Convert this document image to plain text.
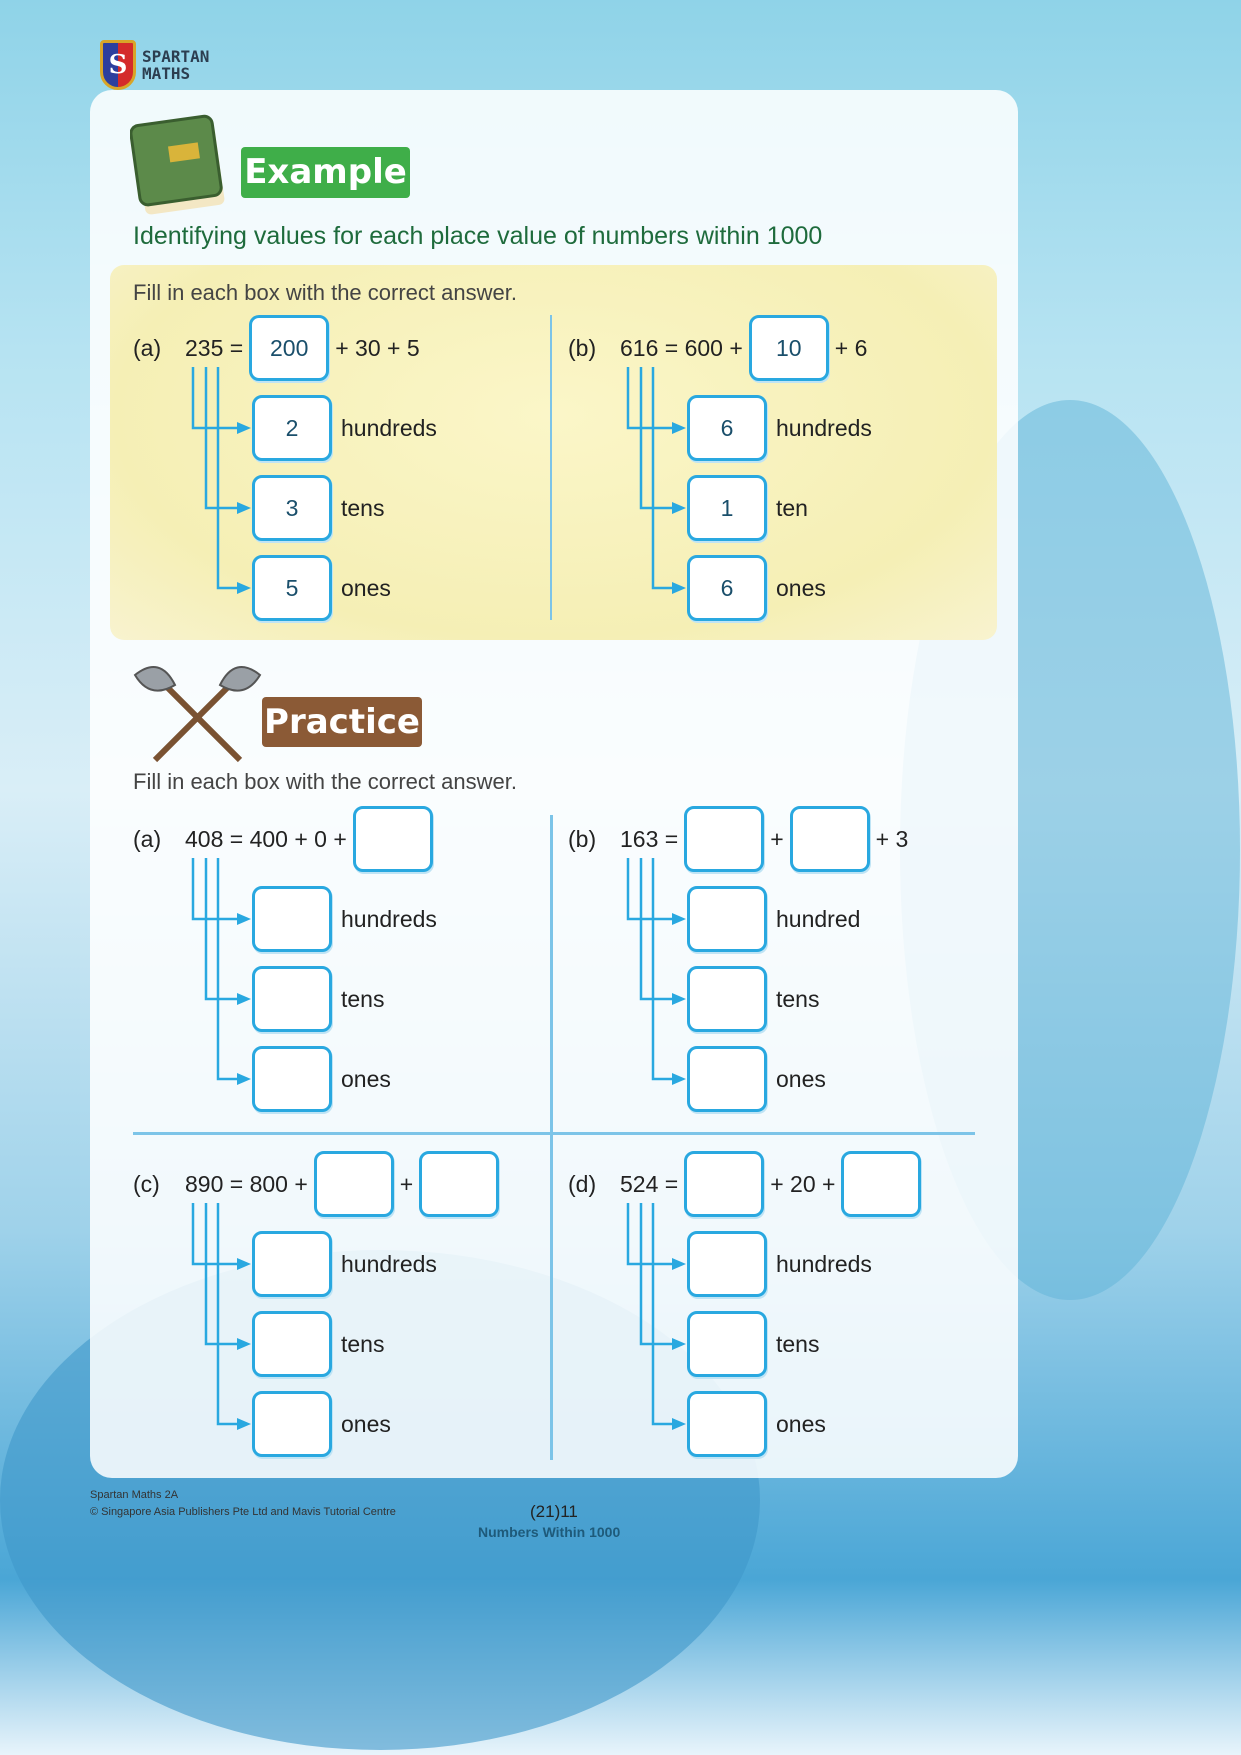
S SPARTAN
MATHS
Example
Identifying values for each place value of numbers within 1000
Fill in each box with the correct answer.
Practice
Fill in each box with the correct answer.
(a) 235 =	200	+ 30 + 5
2	hundreds
3	tens
5	ones
(b) 616 = 600 +	10	+ 6
6	hundreds
1	ten
6	ones
(a) 408 = 400 + 0 +
hundreds
tens
ones
(b) 163 =	+	+ 3
hundred
tens
ones
(c) 890 = 800 +	+
hundreds
tens
ones
(d) 524 =	+ 20 +
hundreds
tens
ones
Spartan Maths 2A
© Singapore Asia Publishers Pte Ltd and Mavis Tutorial Centre	(21)11
Numbers Within 1000
